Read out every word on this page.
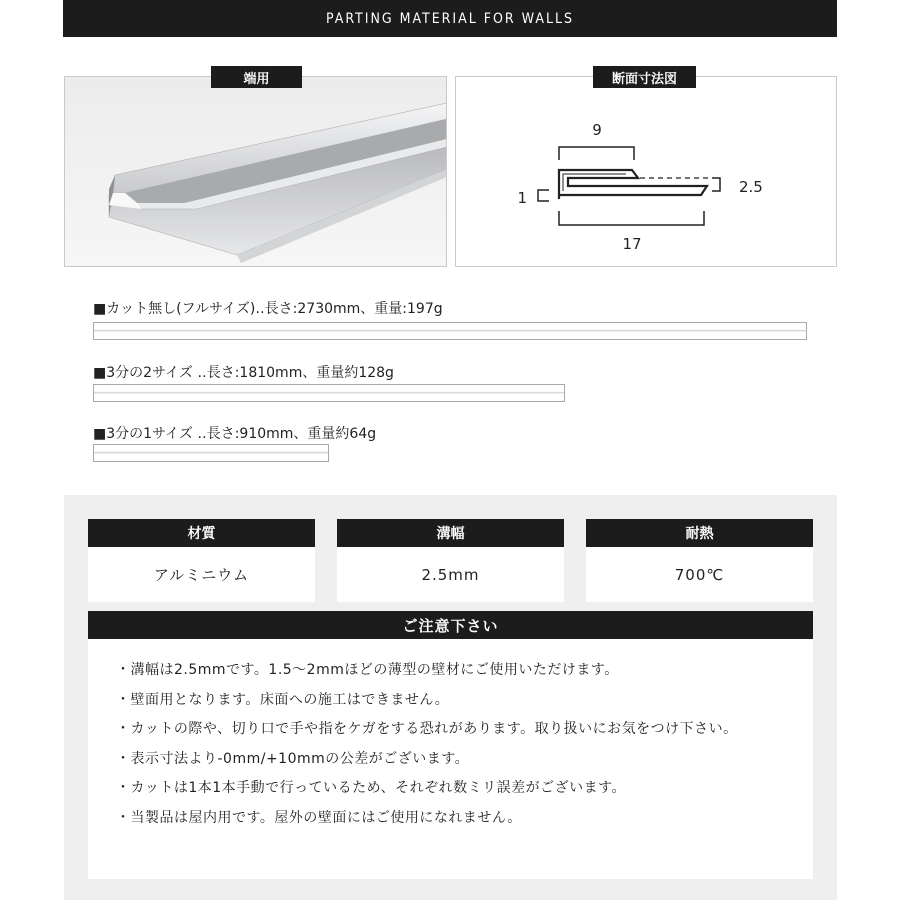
PARTING MATERIAL FOR WALLS
端用	断面寸法図
9
2.5
1
17
■カット無し(フルサイズ)‥長さ:2730mm、重量:197g
■3分の2サイズ ‥長さ:1810mm、重量約128g
■3分の1サイズ ‥長さ:910mm、重量約64g
材質
アルミニウム
溝幅
2.5mm
耐熱
700℃
ご注意下さい
・ 溝幅は2.5mmです。1.5〜2mmほどの薄型の壁材にご使用いただけます。
・ 壁面用となります。床面への施工はできません。
・ カットの際や、切り口で手や指をケガをする恐れがあります。取り扱いにお気をつけ下さい。
・ 表示寸法より-0mm/+10mmの公差がございます。
・ カットは1本1本手動で行っているため、それぞれ数ミリ誤差がございます。
・ 当製品は屋内用です。屋外の壁面にはご使用になれません。
